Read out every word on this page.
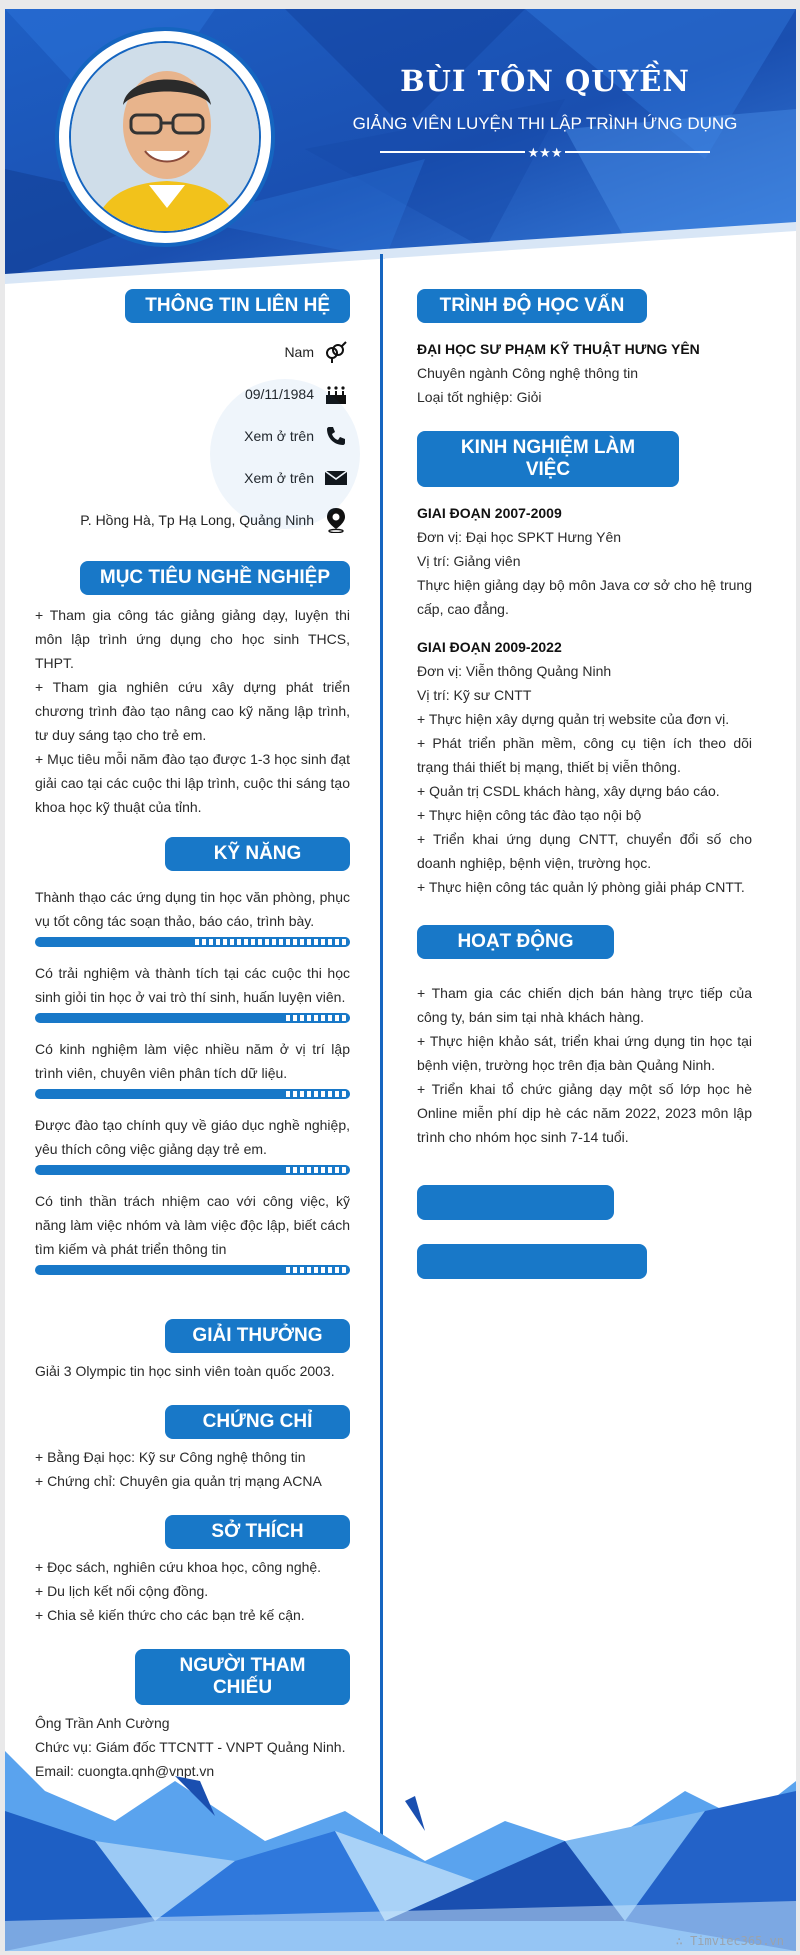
BÙI TÔN QUYỀN
GIẢNG VIÊN LUYỆN THI LẬP TRÌNH ỨNG DỤNG
★★★
THÔNG TIN LIÊN HỆ
Nam
09/11/1984
Xem ở trên
Xem ở trên
P. Hồng Hà, Tp Hạ Long, Quảng Ninh
MỤC TIÊU NGHỀ NGHIỆP

+ Tham gia công tác giảng giảng dạy, luyện thi môn lập trình ứng dụng cho học sinh THCS, THPT.

+ Tham gia nghiên cứu xây dựng phát triển chương trình đào tạo nâng cao kỹ năng lập trình, tư duy sáng tạo cho trẻ em.

+ Mục tiêu mỗi năm đào tạo được 1-3 học sinh đạt giải cao tại các cuộc thi lập trình, cuộc thi sáng tạo khoa học kỹ thuật của tỉnh.

KỸ NĂNG

Thành thạo các ứng dụng tin học văn phòng, phục vụ tốt công tác soạn thảo, báo cáo, trình bày.

Có trải nghiệm và thành tích tại các cuộc thi học sinh giỏi tin học ở vai trò thí sinh, huấn luyện viên.

Có kinh nghiệm làm việc nhiều năm ở vị trí lập trình viên, chuyên viên phân tích dữ liệu.

Được đào tạo chính quy về giáo dục nghề nghiệp, yêu thích công việc giảng dạy trẻ em.

Có tinh thần trách nhiệm cao với công việc, kỹ năng làm việc nhóm và làm việc độc lập, biết cách tìm kiếm và phát triển thông tin

GIẢI THƯỞNG

Giải 3 Olympic tin học sinh viên toàn quốc 2003.

CHỨNG CHỈ

+ Bằng Đại học: Kỹ sư Công nghệ thông tin

+ Chứng chỉ: Chuyên gia quản trị mạng ACNA

SỞ THÍCH

+ Đọc sách, nghiên cứu khoa học, công nghệ.

+ Du lịch kết nối cộng đồng.

+ Chia sẻ kiến thức cho các bạn trẻ kế cận.

NGƯỜI THAM CHIẾU

Ông Trần Anh Cường

Chức vụ: Giám đốc TTCNTT - VNPT Quảng Ninh.

Email: cuongta.qnh@vnpt.vn

TRÌNH ĐỘ HỌC VẤN

ĐẠI HỌC SƯ PHẠM KỸ THUẬT HƯNG YÊN

Chuyên ngành Công nghệ thông tin

Loại tốt nghiệp: Giỏi

KINH NGHIỆM LÀM VIỆC

GIAI ĐOẠN 2007-2009

Đơn vị: Đại học SPKT Hưng Yên

Vị trí: Giảng viên

Thực hiện giảng dạy bộ môn Java cơ sở cho hệ trung cấp, cao đẳng.

GIAI ĐOẠN 2009-2022

Đơn vị: Viễn thông Quảng Ninh

Vị trí: Kỹ sư CNTT

+ Thực hiện xây dựng quản trị website của đơn vị.

+ Phát triển phần mềm, công cụ tiện ích theo dõi trạng thái thiết bị mạng, thiết bị viễn thông.

+ Quản trị CSDL khách hàng, xây dựng báo cáo.

+ Thực hiện công tác đào tạo nội bộ

+ Triển khai ứng dụng CNTT, chuyển đổi số cho doanh nghiệp, bệnh viện, trường học.

+ Thực hiện công tác quản lý phòng giải pháp CNTT.

HOẠT ĐỘNG

+ Tham gia các chiến dịch bán hàng trực tiếp của công ty, bán sim tại nhà khách hàng.

+ Thực hiện khảo sát, triển khai ứng dụng tin học tại bệnh viện, trường học trên địa bàn Quảng Ninh.

+ Triển khai tổ chức giảng dạy một số lớp học hè Online miễn phí dịp hè các năm 2022, 2023 môn lập trình cho nhóm học sinh 7-14 tuổi.

∴ Timviec365.vn
